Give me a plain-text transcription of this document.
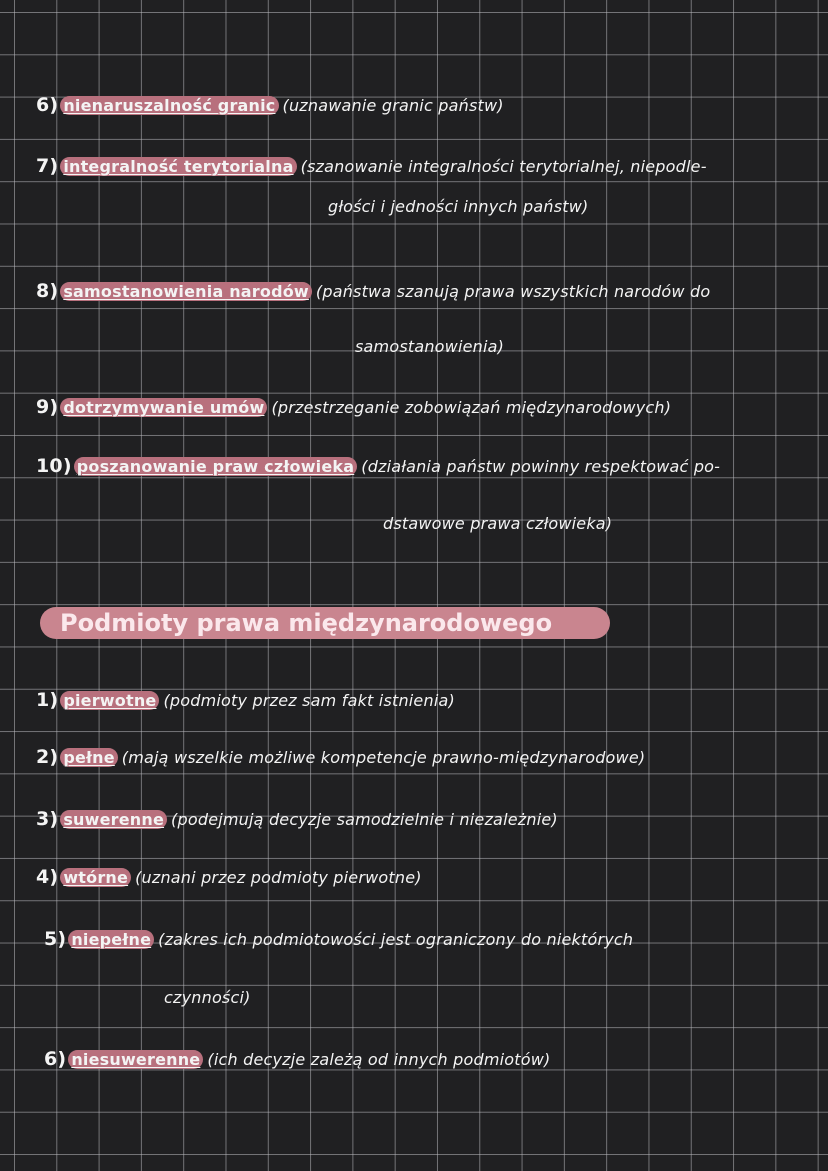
6) nienaruszalność granic (uznawanie granic państw)
7) integralność terytorialna (szanowanie integralności terytorialnej, niepodle-
głości i jedności innych państw)
8) samostanowienia narodów (państwa szanują prawa wszystkich narodów do
samostanowienia)
9) dotrzymywanie umów (przestrzeganie zobowiązań międzynarodowych)
10) poszanowanie praw człowieka (działania państw powinny respektować po-
dstawowe prawa człowieka)
Podmioty prawa międzynarodowego
1) pierwotne (podmioty przez sam fakt istnienia)
2) pełne (mają wszelkie możliwe kompetencje prawno-międzynarodowe)
3) suwerenne (podejmują decyzje samodzielnie i niezależnie)
4) wtórne (uznani przez podmioty pierwotne)
5) niepełne (zakres ich podmiotowości jest ograniczony do niektórych
czynności)
6) niesuwerenne (ich decyzje zależą od innych podmiotów)
